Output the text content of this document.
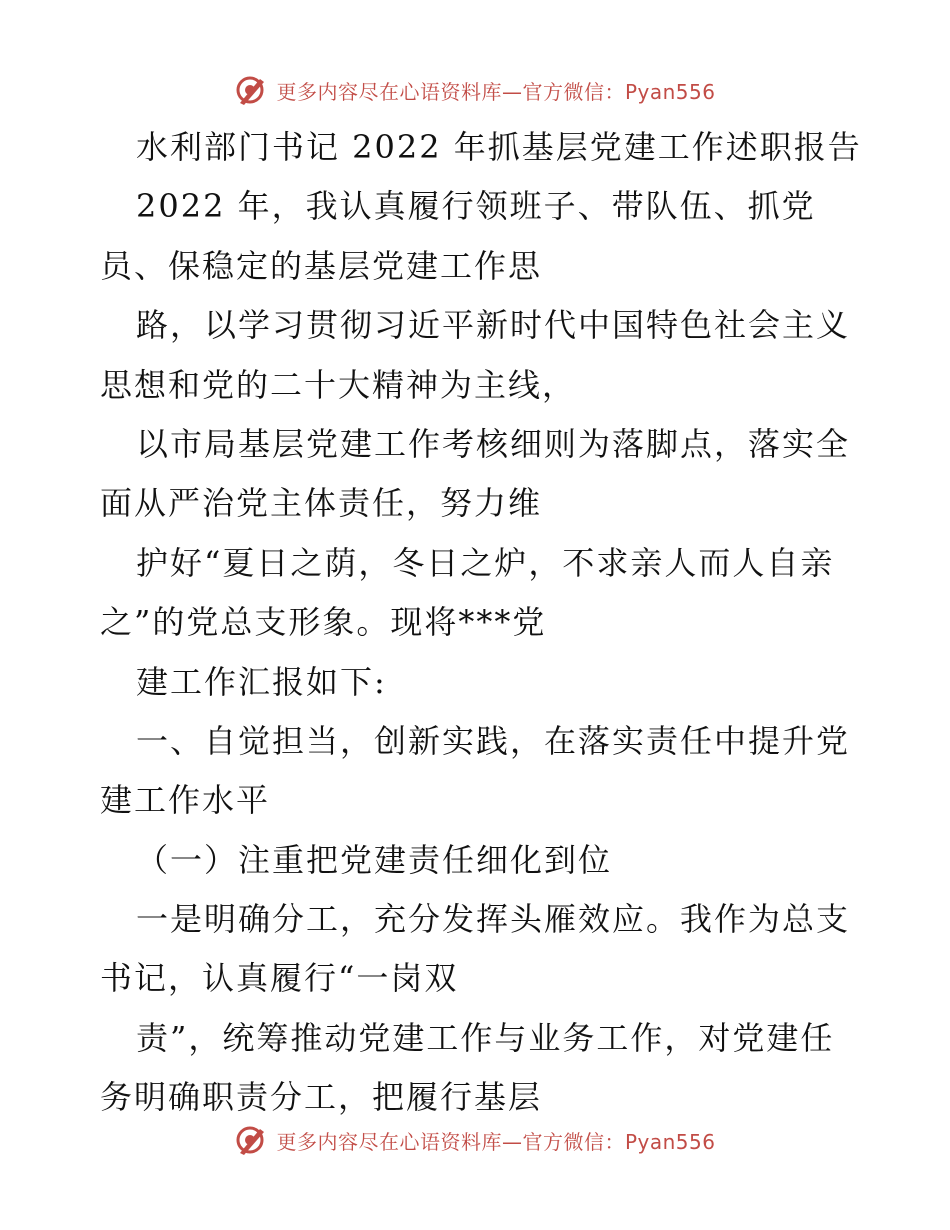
更多内容尽在心语资料库—官方微信：Pyan556
水利部门书记 2022 年抓基层党建工作述职报告
2022 年，我认真履行领班子、带队伍、抓党
员、保稳定的基层党建工作思
路，以学习贯彻习近平新时代中国特色社会主义
思想和党的二十大精神为主线，
以市局基层党建工作考核细则为落脚点，落实全
面从严治党主体责任，努力维
护好“夏日之荫，冬日之炉，不求亲人而人自亲
之”的党总支形象。现将***党
建工作汇报如下:
一、自觉担当，创新实践，在落实责任中提升党
建工作水平
（一）注重把党建责任细化到位
一是明确分工，充分发挥头雁效应。我作为总支
书记，认真履行“一岗双
责”，统筹推动党建工作与业务工作，对党建任
务明确职责分工，把履行基层
更多内容尽在心语资料库—官方微信：Pyan556
